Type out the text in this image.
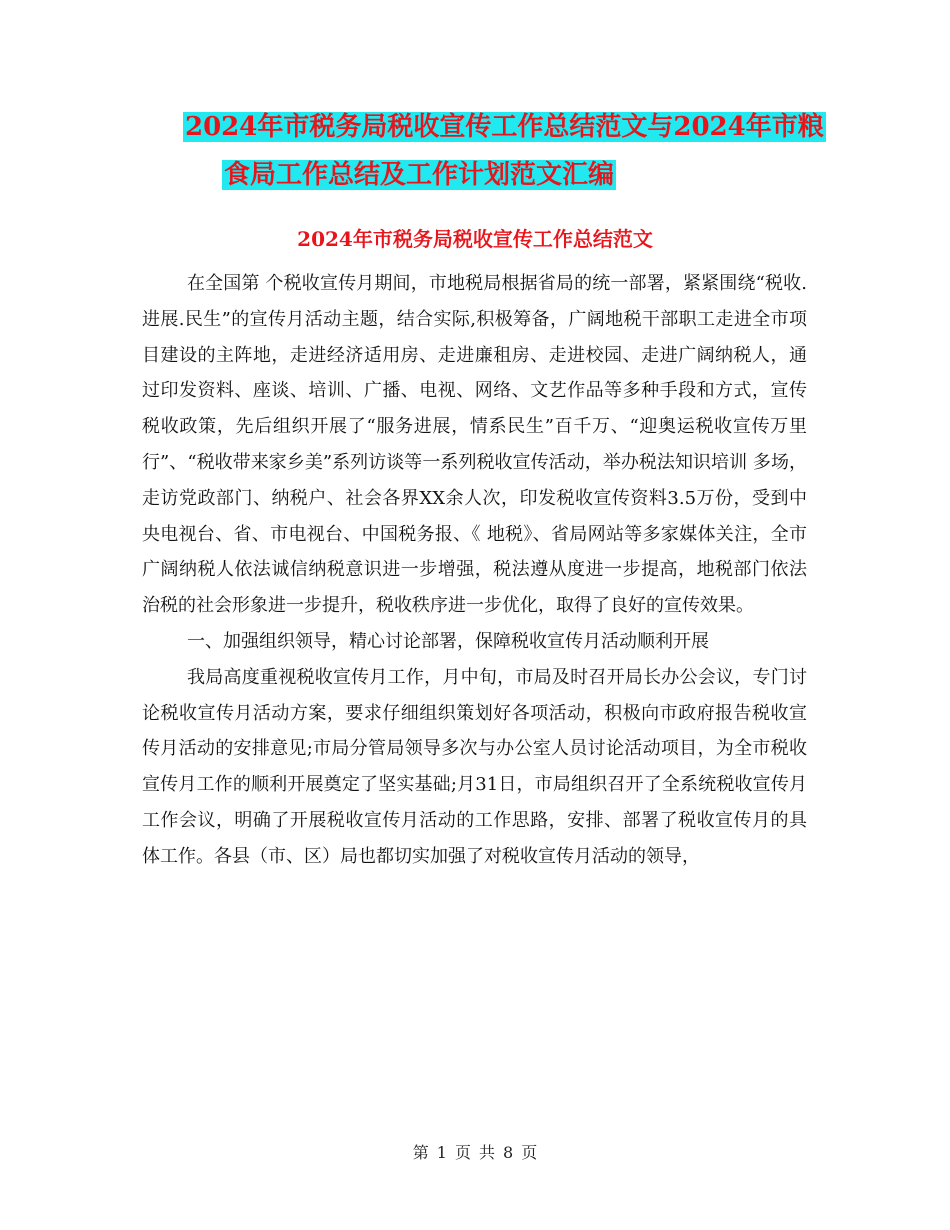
2024年市税务局税收宣传工作总结范文与2024年市粮
食局工作总结及工作计划范文汇编
2024年市税务局税收宣传工作总结范文

在全国第 个税收宣传月期间，市地税局根据省局的统一部署，紧紧围绕“税收.进展.民生”的宣传月活动主题，结合实际,积极筹备，广阔地税干部职工走进全市项目建设的主阵地，走进经济适用房、走进廉租房、走进校园、走进广阔纳税人，通过印发资料、座谈、培训、广播、电视、网络、文艺作品等多种手段和方式，宣传税收政策，先后组织开展了“服务进展，情系民生”百千万、“迎奥运税收宣传万里行”、“税收带来家乡美”系列访谈等一系列税收宣传活动，举办税法知识培训 多场，走访党政部门、纳税户、社会各界XX余人次，印发税收宣传资料3.5万份，受到中央电视台、省、市电视台、中国税务报、《 地税》、省局网站等多家媒体关注，全市广阔纳税人依法诚信纳税意识进一步增强，税法遵从度进一步提高，地税部门依法治税的社会形象进一步提升，税收秩序进一步优化，取得了良好的宣传效果。

一、加强组织领导，精心讨论部署，保障税收宣传月活动顺利开展

我局高度重视税收宣传月工作，月中旬，市局及时召开局长办公会议，专门讨论税收宣传月活动方案，要求仔细组织策划好各项活动，积极向市政府报告税收宣传月活动的安排意见;市局分管局领导多次与办公室人员讨论活动项目，为全市税收宣传月工作的顺利开展奠定了坚实基础;月31日，市局组织召开了全系统税收宣传月工作会议，明确了开展税收宣传月活动的工作思路，安排、部署了税收宣传月的具体工作。各县（市、区）局也都切实加强了对税收宣传月活动的领导，

第 1 页 共 8 页
